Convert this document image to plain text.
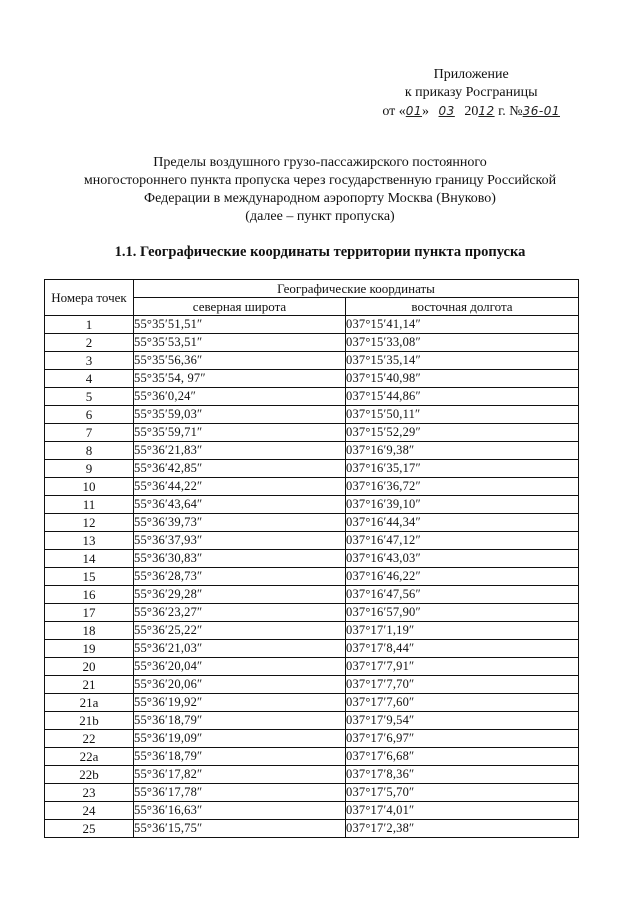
Приложение
к приказу Росграницы
от «01» 03 2012 г. №36-01
Пределы воздушного грузо-пассажирского постоянного
многостороннего пункта пропуска через государственную границу Российской
Федерации в международном аэропорту Москва (Внуково)
(далее – пункт пропуска)
1.1. Географические координаты территории пункта пропуска
Номера точек	Географические координаты	
	северная широта	восточная долгота
1	55°35′51,51″	037°15′41,14″
2	55°35′53,51″	037°15′33,08″
3	55°35′56,36″	037°15′35,14″
4	55°35′54, 97″	037°15′40,98″
5	55°36′0,24″	037°15′44,86″
6	55°35′59,03″	037°15′50,11″
7	55°35′59,71″	037°15′52,29″
8	55°36′21,83″	037°16′9,38″
9	55°36′42,85″	037°16′35,17″
10	55°36′44,22″	037°16′36,72″
11	55°36′43,64″	037°16′39,10″
12	55°36′39,73″	037°16′44,34″
13	55°36′37,93″	037°16′47,12″
14	55°36′30,83″	037°16′43,03″
15	55°36′28,73″	037°16′46,22″
16	55°36′29,28″	037°16′47,56″
17	55°36′23,27″	037°16′57,90″
18	55°36′25,22″	037°17′1,19″
19	55°36′21,03″	037°17′8,44″
20	55°36′20,04″	037°17′7,91″
21	55°36′20,06″	037°17′7,70″
21a	55°36′19,92″	037°17′7,60″
21b	55°36′18,79″	037°17′9,54″
22	55°36′19,09″	037°17′6,97″
22a	55°36′18,79″	037°17′6,68″
22b	55°36′17,82″	037°17′8,36″
23	55°36′17,78″	037°17′5,70″
24	55°36′16,63″	037°17′4,01″
25	55°36′15,75″	037°17′2,38″
